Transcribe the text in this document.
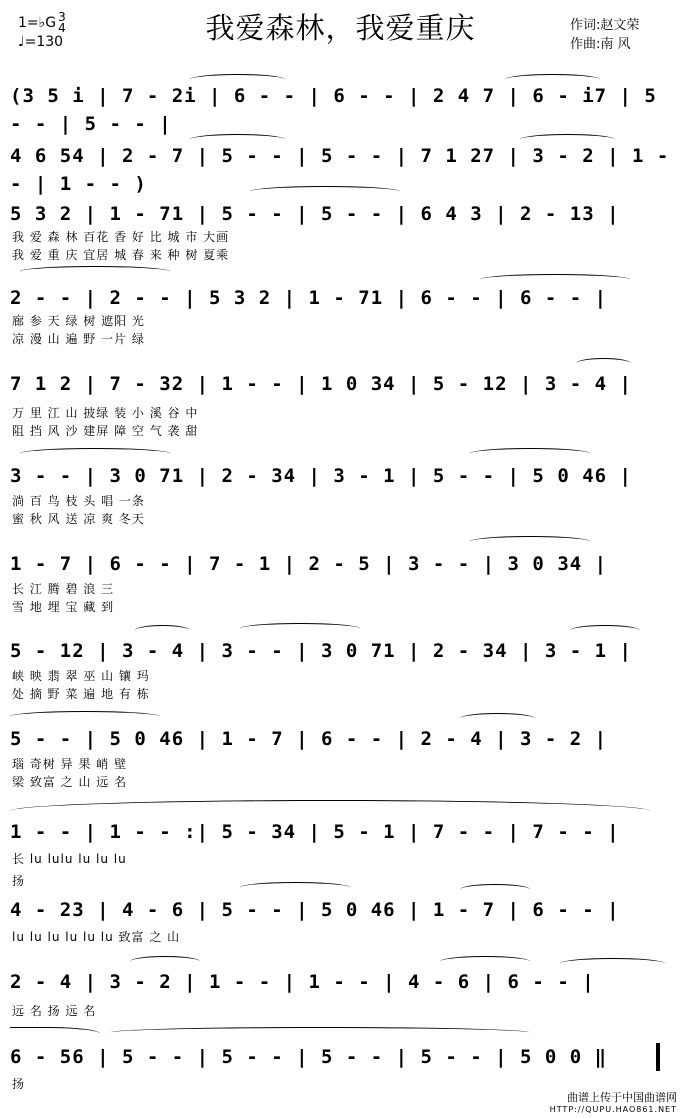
我爱森林，我爱重庆
1=♭G 3
4
♩=130
作词:赵文荣
作曲:南 风
(3 5 i | 7 - 2i | 6 - - | 6 - - | 2 4 7 | 6 - i7 | 5 - - | 5 - - |
4 6 54 | 2 - 7 | 5 - - | 5 - - | 7 1 27 | 3 - 2 | 1 - - | 1 - - )
5 3 2 | 1 - 71 | 5 - - | 5 - - | 6 4 3 | 2 - 13 |
我 爱 森 林 百花 香 好 比 城 市 大画
我 爱 重 庆 宜居 城 春 来 种 树 夏乘
2 - - | 2 - - | 5 3 2 | 1 - 71 | 6 - - | 6 - - |
廊 参 天 绿 树 遮阳 光
凉 漫 山 遍 野 一片 绿
7 1 2 | 7 - 32 | 1 - - | 1 0 34 | 5 - 12 | 3 - 4 |
万 里 江 山 披绿 装 小 溪 谷 中
阻 挡 风 沙 建屏 障 空 气 袭 甜
3 - - | 3 0 71 | 2 - 34 | 3 - 1 | 5 - - | 5 0 46 |
淌 百 鸟 枝 头 唱 一条
蜜 秋 风 送 凉 爽 冬天
1 - 7 | 6 - - | 7 - 1 | 2 - 5 | 3 - - | 3 0 34 |
长 江 腾 碧 浪 三
雪 地 埋 宝 藏 到
5 - 12 | 3 - 4 | 3 - - | 3 0 71 | 2 - 34 | 3 - 1 |
峡 映 翡 翠 巫 山 镶 玛
处 摘 野 菜 遍 地 有 栋
5 - - | 5 0 46 | 1 - 7 | 6 - - | 2 - 4 | 3 - 2 |
瑙 奇树 异 果 峭 壁
梁 致富 之 山 远 名
1 - - | 1 - - :| 5 - 34 | 5 - 1 | 7 - - | 7 - - |
长 lu lulu lu lu lu
扬
4 - 23 | 4 - 6 | 5 - - | 5 0 46 | 1 - 7 | 6 - - |
lu lu lu lu lu lu 致富 之 山
2 - 4 | 3 - 2 | 1 - - | 1 - - | 4 - 6 | 6 - - |
远 名 扬 远 名
6 - 56 | 5 - - | 5 - - | 5 - - | 5 - - | 5 0 0 ‖
扬
曲谱上传于中国曲谱网
HTTP://QUPU.HAO861.NET
